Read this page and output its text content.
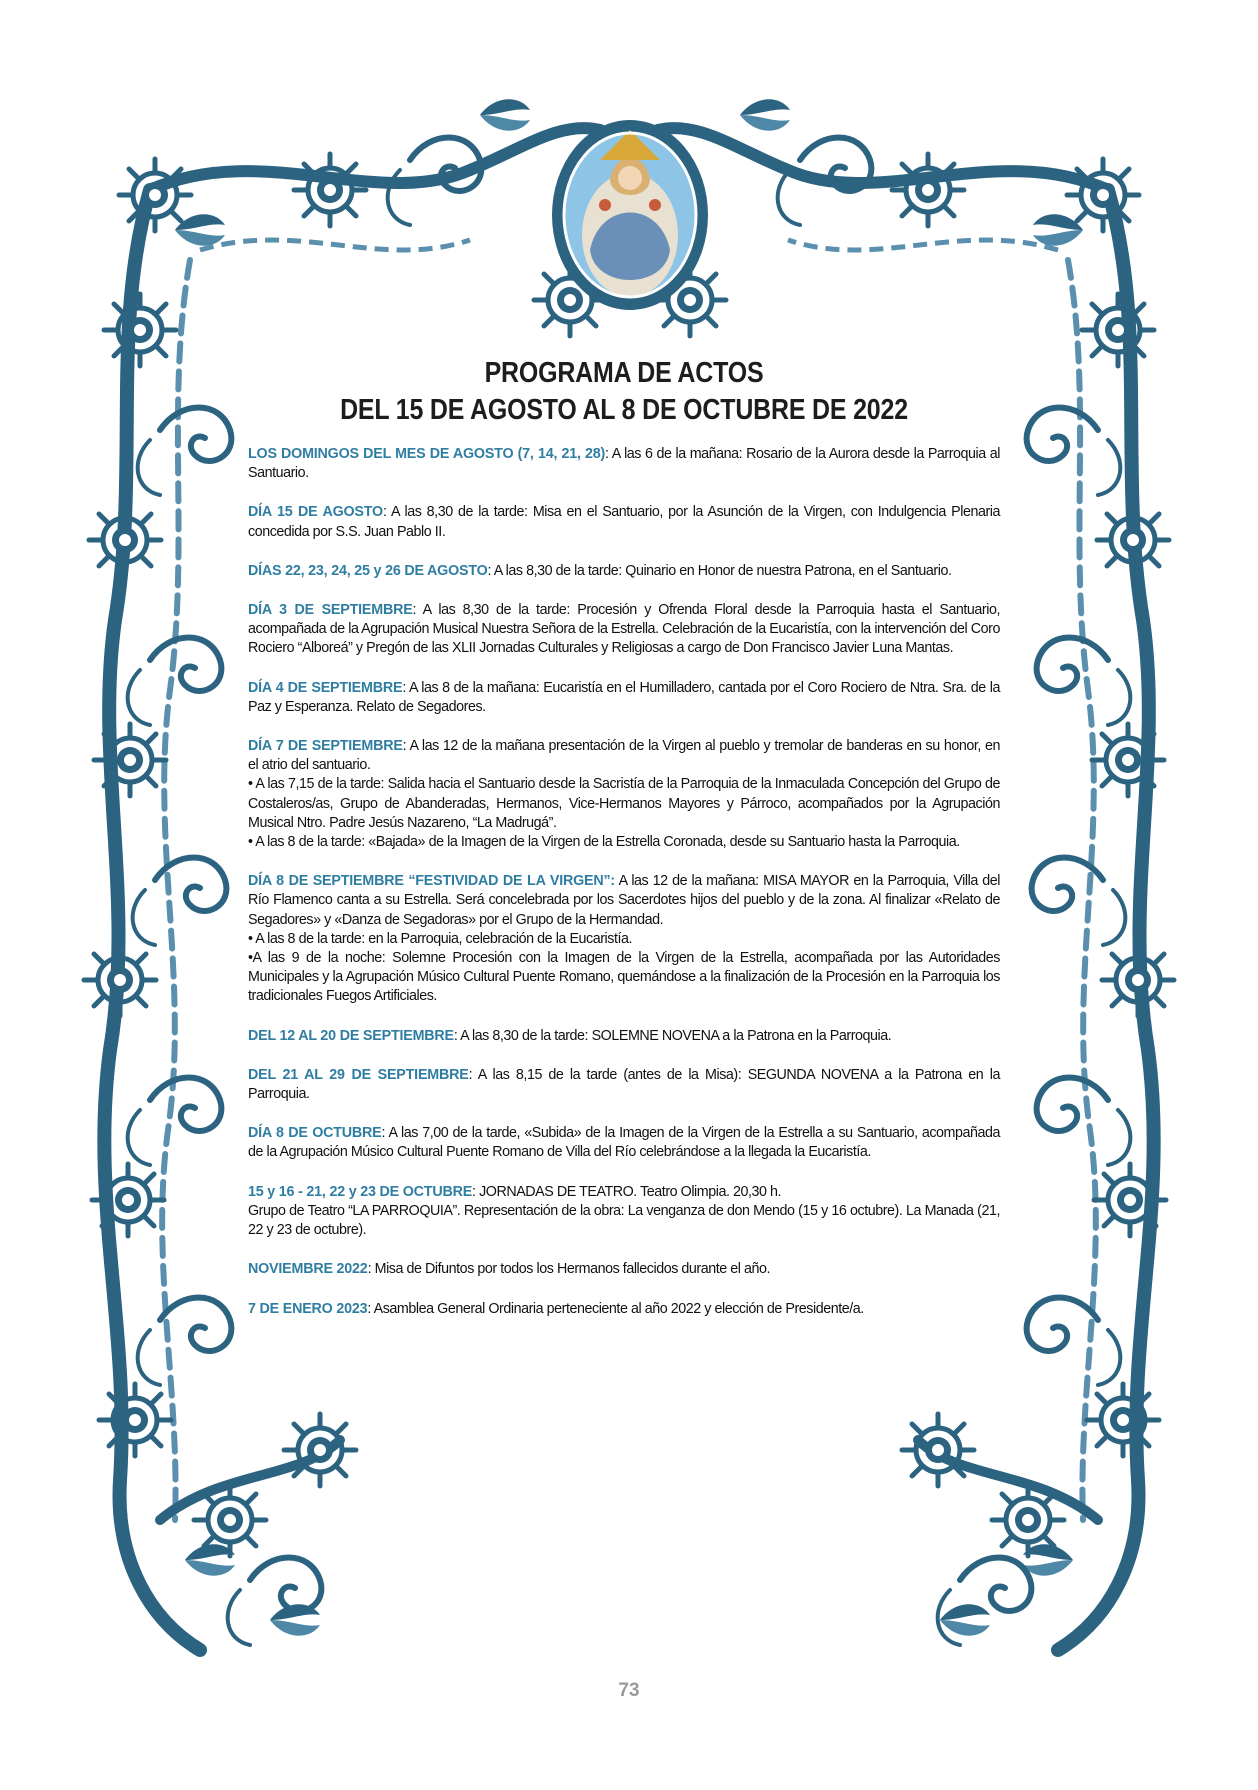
PROGRAMA DE ACTOS
DEL 15 DE AGOSTO AL 8 DE OCTUBRE DE 2022
LOS DOMINGOS DEL MES DE AGOSTO (7, 14, 21, 28): A las 6 de la mañana: Rosario de la Aurora desde la Parroquia al Santuario.
DÍA 15 DE AGOSTO: A las 8,30 de la tarde: Misa en el Santuario, por la Asunción de la Virgen, con Indulgencia Plenaria concedida por S.S. Juan Pablo II.
DÍAS 22, 23, 24, 25 y 26 DE AGOSTO: A las 8,30 de la tarde: Quinario en Honor de nuestra Patrona, en el Santuario.
DÍA 3 DE SEPTIEMBRE: A las 8,30 de la tarde: Procesión y Ofrenda Floral desde la Parroquia hasta el Santuario, acompañada de la Agrupación Musical Nuestra Señora de la Estrella. Celebración de la Eucaristía, con la intervención del Coro Rociero “Alboreá” y Pregón de las XLII Jornadas Culturales y Religiosas a cargo de Don Francisco Javier Luna Mantas.
DÍA 4 DE SEPTIEMBRE: A las 8 de la mañana: Eucaristía en el Humilladero, cantada por el Coro Rociero de Ntra. Sra. de la Paz y Esperanza. Relato de Segadores.
DÍA 7 DE SEPTIEMBRE: A las 12 de la mañana presentación de la Virgen al pueblo y tremolar de banderas en su honor, en el atrio del santuario.
• A las 7,15 de la tarde: Salida hacia el Santuario desde la Sacristía de la Parroquia de la Inmaculada Concepción del Grupo de Costaleros/as, Grupo de Abanderadas, Hermanos, Vice-Hermanos Mayores y Párroco, acompañados por la Agrupación Musical Ntro. Padre Jesús Nazareno, “La Madrugá”.
• A las 8 de la tarde: «Bajada» de la Imagen de la Virgen de la Estrella Coronada, desde su Santuario hasta la Parroquia.
DÍA 8 DE SEPTIEMBRE “FESTIVIDAD DE LA VIRGEN”: A las 12 de la mañana: MISA MAYOR en la Parroquia, Villa del Río Flamenco canta a su Estrella. Será concelebrada por los Sacerdotes hijos del pueblo y de la zona. Al finalizar «Relato de Segadores» y «Danza de Segadoras» por el Grupo de la Hermandad.
• A las 8 de la tarde: en la Parroquia, celebración de la Eucaristía.
•A las 9 de la noche: Solemne Procesión con la Imagen de la Virgen de la Estrella, acompañada por las Autoridades Municipales y la Agrupación Músico Cultural Puente Romano, quemándose a la finalización de la Procesión en la Parroquia los tradicionales Fuegos Artificiales.
DEL 12 AL 20 DE SEPTIEMBRE: A las 8,30 de la tarde: SOLEMNE NOVENA a la Patrona en la Parroquia.
DEL 21 AL 29 DE SEPTIEMBRE: A las 8,15 de la tarde (antes de la Misa): SEGUNDA NOVENA a la Patrona en la Parroquia.
DÍA 8 DE OCTUBRE: A las 7,00 de la tarde, «Subida» de la Imagen de la Virgen de la Estrella a su Santuario, acompañada de la Agrupación Músico Cultural Puente Romano de Villa del Río celebrándose a la llegada la Eucaristía.
15 y 16 - 21, 22 y 23 DE OCTUBRE: JORNADAS DE TEATRO. Teatro Olimpia. 20,30 h.
Grupo de Teatro “LA PARROQUIA”. Representación de la obra: La venganza de don Mendo (15 y 16 octubre). La Manada (21, 22 y 23 de octubre).
NOVIEMBRE 2022: Misa de Difuntos por todos los Hermanos fallecidos durante el año.
7 DE ENERO 2023: Asamblea General Ordinaria perteneciente al año 2022 y elección de Presidente/a.
73
